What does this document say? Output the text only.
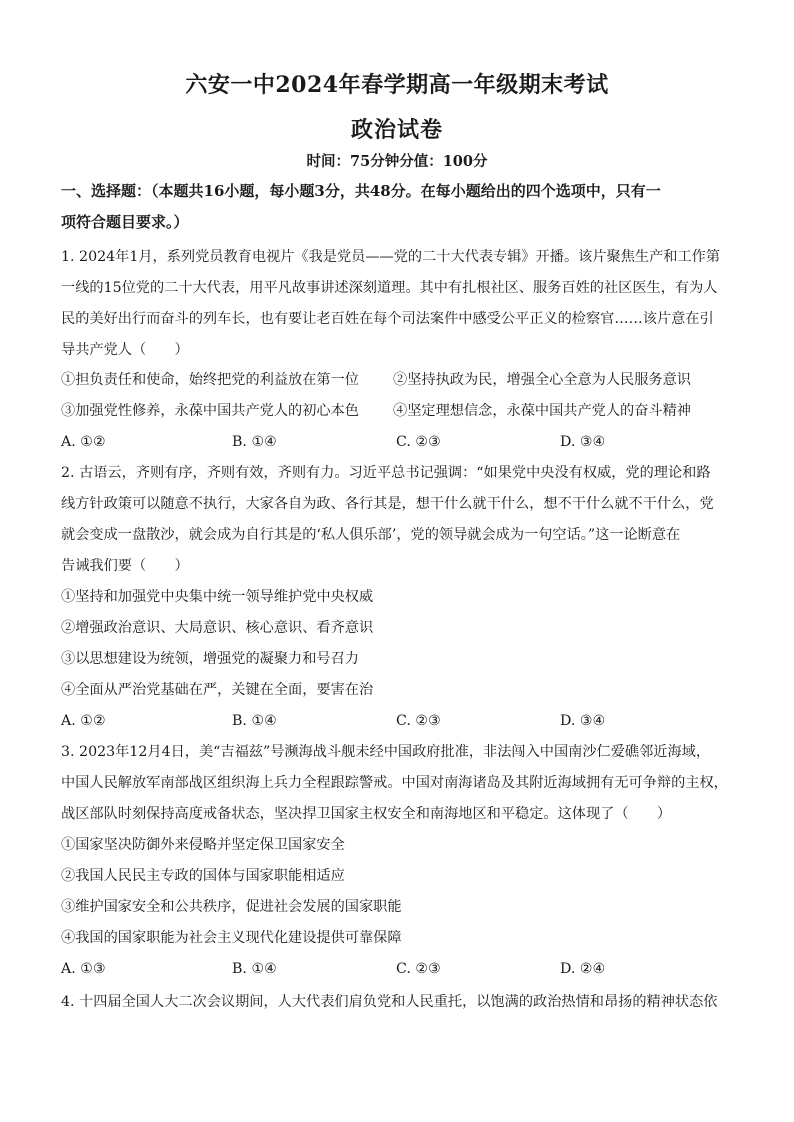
六安一中2024年春学期高一年级期末考试
政治试卷
时间：75分钟分值：100分
一、选择题：（本题共16小题，每小题3分，共48分。在每小题给出的四个选项中，只有一
项符合题目要求。）
1. 2024年1月，系列党员教育电视片《我是党员——党的二十大代表专辑》开播。该片聚焦生产和工作第
一线的15位党的二十大代表，用平凡故事讲述深刻道理。其中有扎根社区、服务百姓的社区医生，有为人
民的美好出行而奋斗的列车长，也有要让老百姓在每个司法案件中感受公平正义的检察官……该片意在引
导共产党人（　　）
①担负责任和使命，始终把党的利益放在第一位 ②坚持执政为民，增强全心全意为人民服务意识
③加强党性修养，永葆中国共产党人的初心本色 ④坚定理想信念，永葆中国共产党人的奋斗精神
A. ①②	B. ①④	C. ②③	D. ③④
2. 古语云，齐则有序，齐则有效，齐则有力。习近平总书记强调：“如果党中央没有权威，党的理论和路
线方针政策可以随意不执行，大家各自为政、各行其是，想干什么就干什么，想不干什么就不干什么，党
就会变成一盘散沙，就会成为自行其是的‘私人俱乐部’，党的领导就会成为一句空话。”这一论断意在
告诫我们要（　　）
①坚持和加强党中央集中统一领导维护党中央权威
②增强政治意识、大局意识、核心意识、看齐意识
③以思想建设为统领，增强党的凝聚力和号召力
④全面从严治党基础在严，关键在全面，要害在治
A. ①②	B. ①④	C. ②③	D. ③④
3. 2023年12月4日，美“吉福兹”号濒海战斗舰未经中国政府批准，非法闯入中国南沙仁爱礁邻近海域，
中国人民解放军南部战区组织海上兵力全程跟踪警戒。中国对南海诸岛及其附近海域拥有无可争辩的主权，
战区部队时刻保持高度戒备状态，坚决捍卫国家主权安全和南海地区和平稳定。这体现了（　　）
①国家坚决防御外来侵略并坚定保卫国家安全
②我国人民民主专政的国体与国家职能相适应
③维护国家安全和公共秩序，促进社会发展的国家职能
④我国的国家职能为社会主义现代化建设提供可靠保障
A. ①③	B. ①④	C. ②③	D. ②④
4. 十四届全国人大二次会议期间，人大代表们肩负党和人民重托，以饱满的政治热情和昂扬的精神状态依
